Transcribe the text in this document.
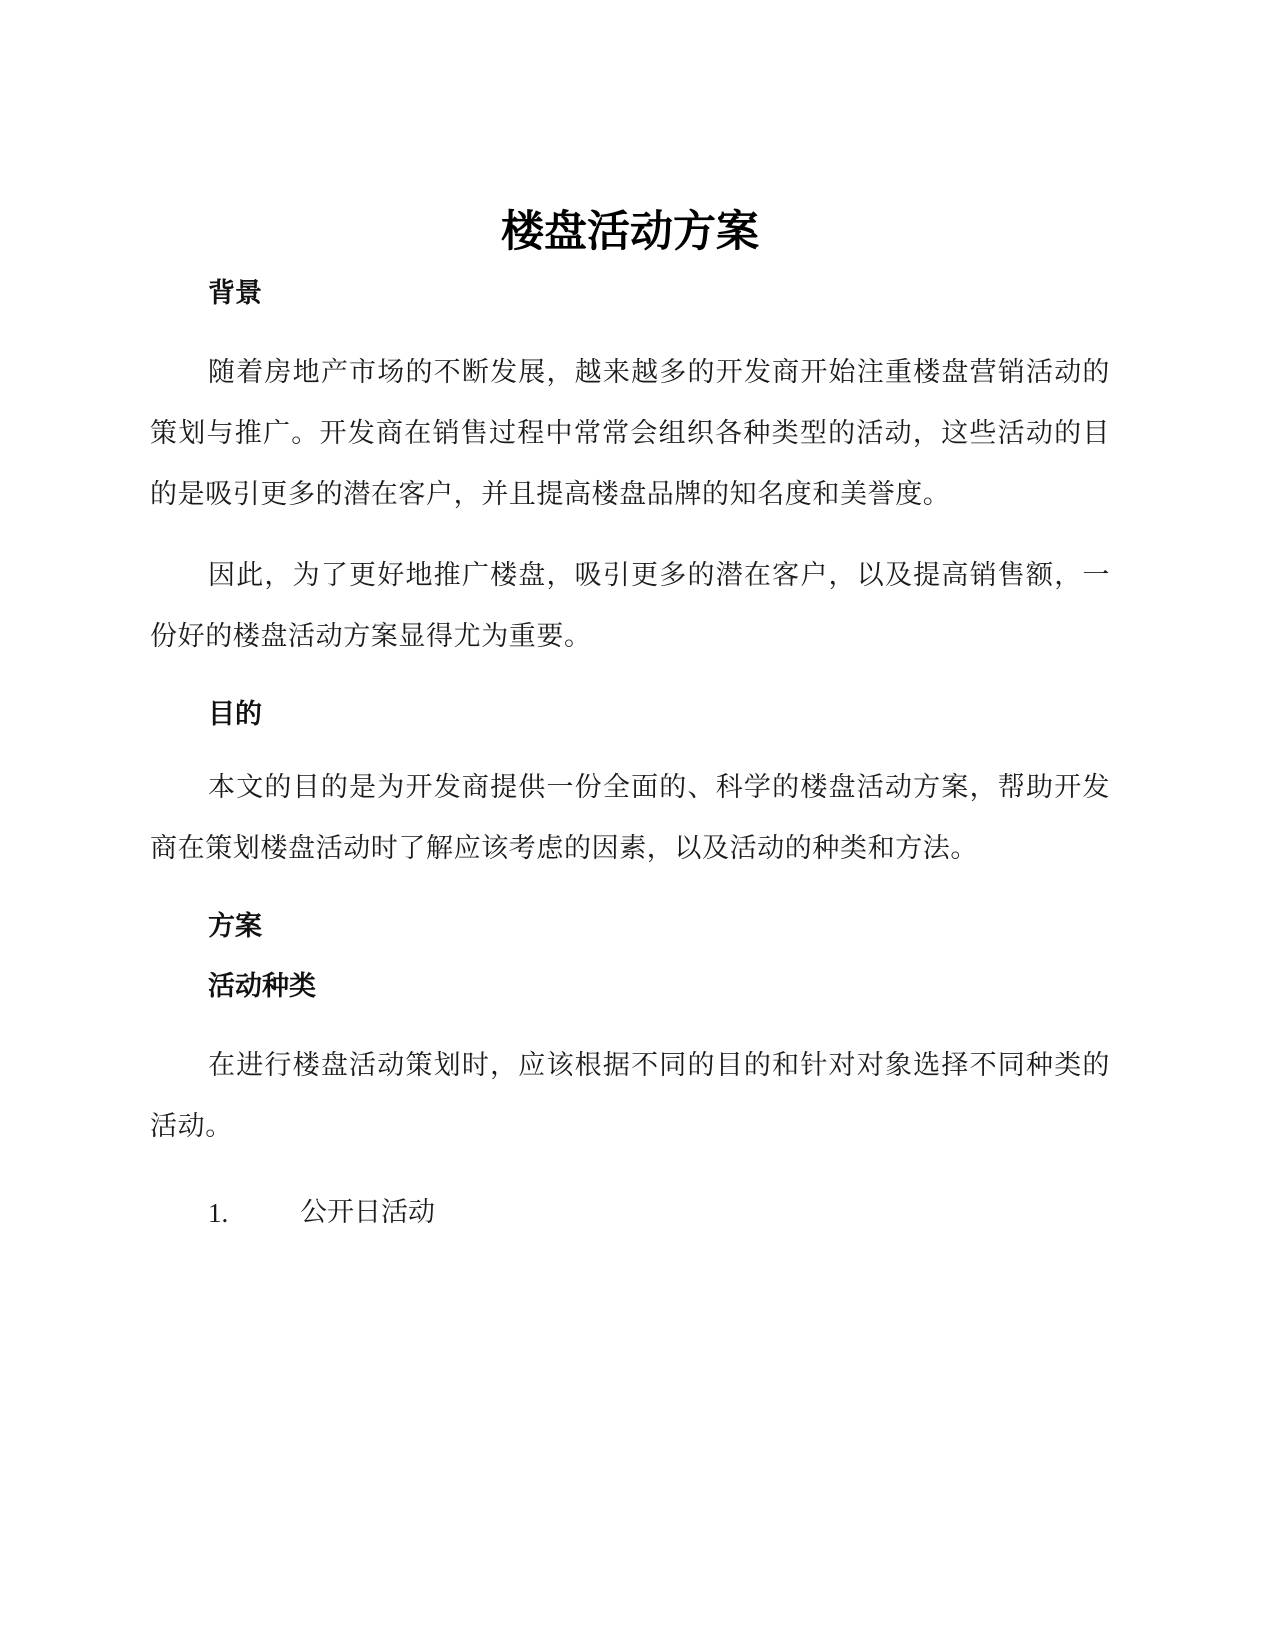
楼盘活动方案
背景

随着房地产市场的不断发展，越来越多的开发商开始注重楼盘营销活动的策划与推广。开发商在销售过程中常常会组织各种类型的活动，这些活动的目的是吸引更多的潜在客户，并且提高楼盘品牌的知名度和美誉度。

因此，为了更好地推广楼盘，吸引更多的潜在客户，以及提高销售额，一份好的楼盘活动方案显得尤为重要。

目的

本文的目的是为开发商提供一份全面的、科学的楼盘活动方案，帮助开发商在策划楼盘活动时了解应该考虑的因素，以及活动的种类和方法。

方案
活动种类

在进行楼盘活动策划时，应该根据不同的目的和针对对象选择不同种类的活动。

1.	公开日活动
